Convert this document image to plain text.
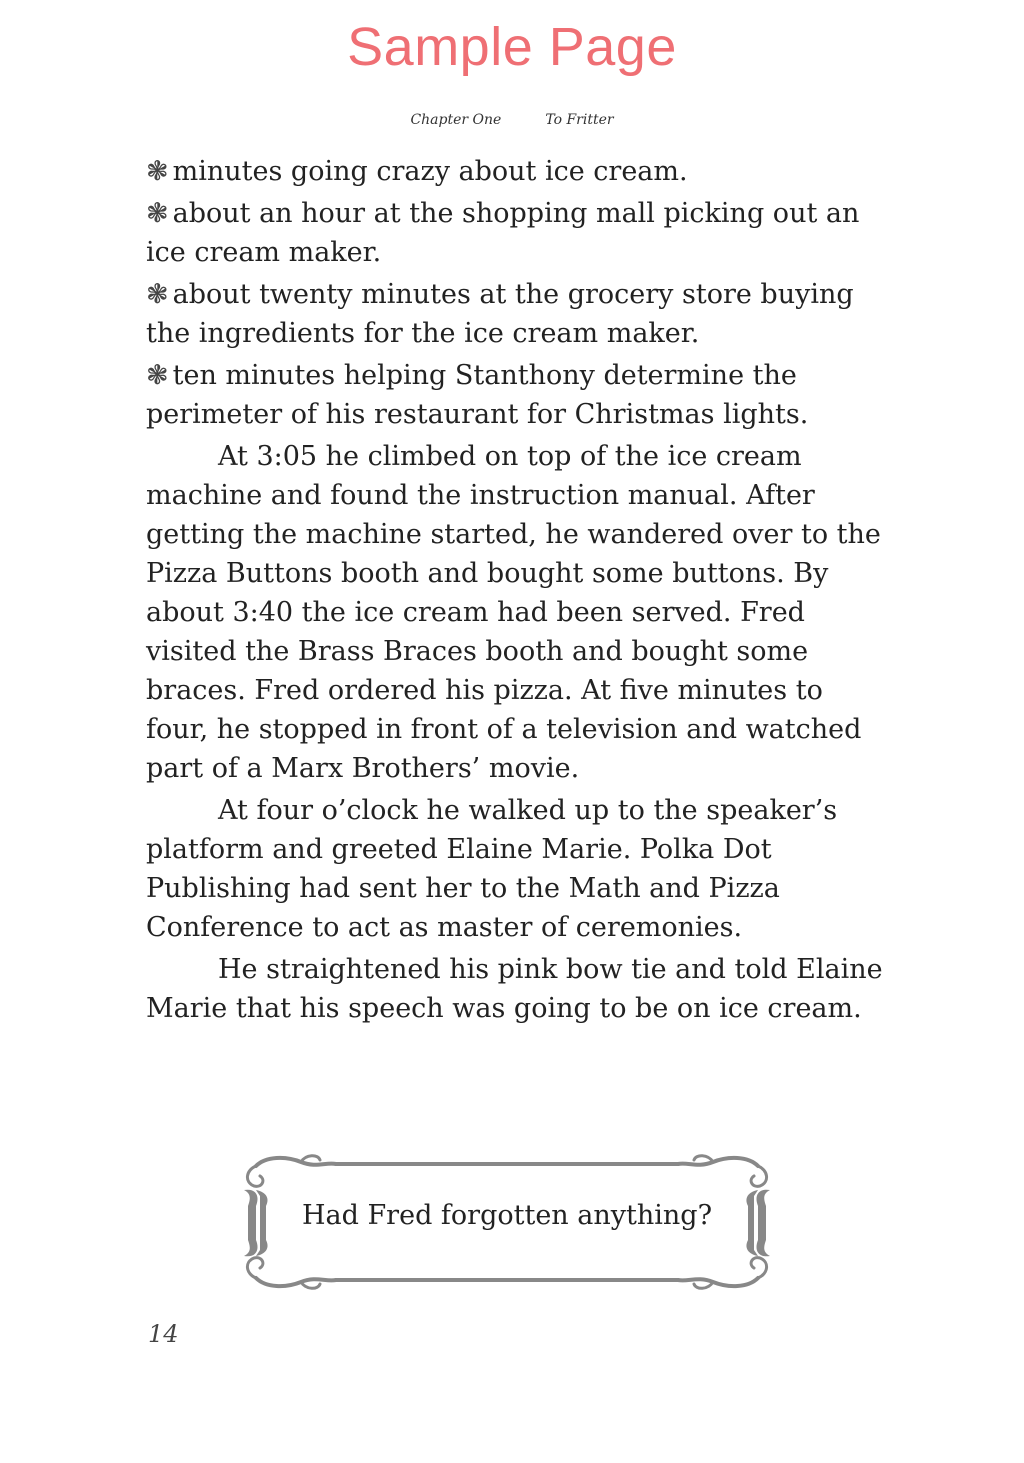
Sample Page
Chapter One	To Fritter
❃ minutes going crazy about ice cream.
❃ about an hour at the shopping mall picking out an ice cream maker.
❃ about twenty minutes at the grocery store buying the ingredients for the ice cream maker.
❃ ten minutes helping Stanthony determine the perimeter of his restaurant for Christmas lights.

At 3:05 he climbed on top of the ice cream machine and found the instruction manual. After getting the machine started, he wandered over to the Pizza Buttons booth and bought some buttons. By about 3:40 the ice cream had been served. Fred visited the Brass Braces booth and bought some braces. Fred ordered his pizza. At five minutes to four, he stopped in front of a television and watched part of a Marx Brothers’ movie.

At four o’clock he walked up to the speaker’s platform and greeted Elaine Marie. Polka Dot Publishing had sent her to the Math and Pizza Conference to act as master of ceremonies.

He straightened his pink bow tie and told Elaine Marie that his speech was going to be on ice cream.

Had Fred forgotten anything?
14
